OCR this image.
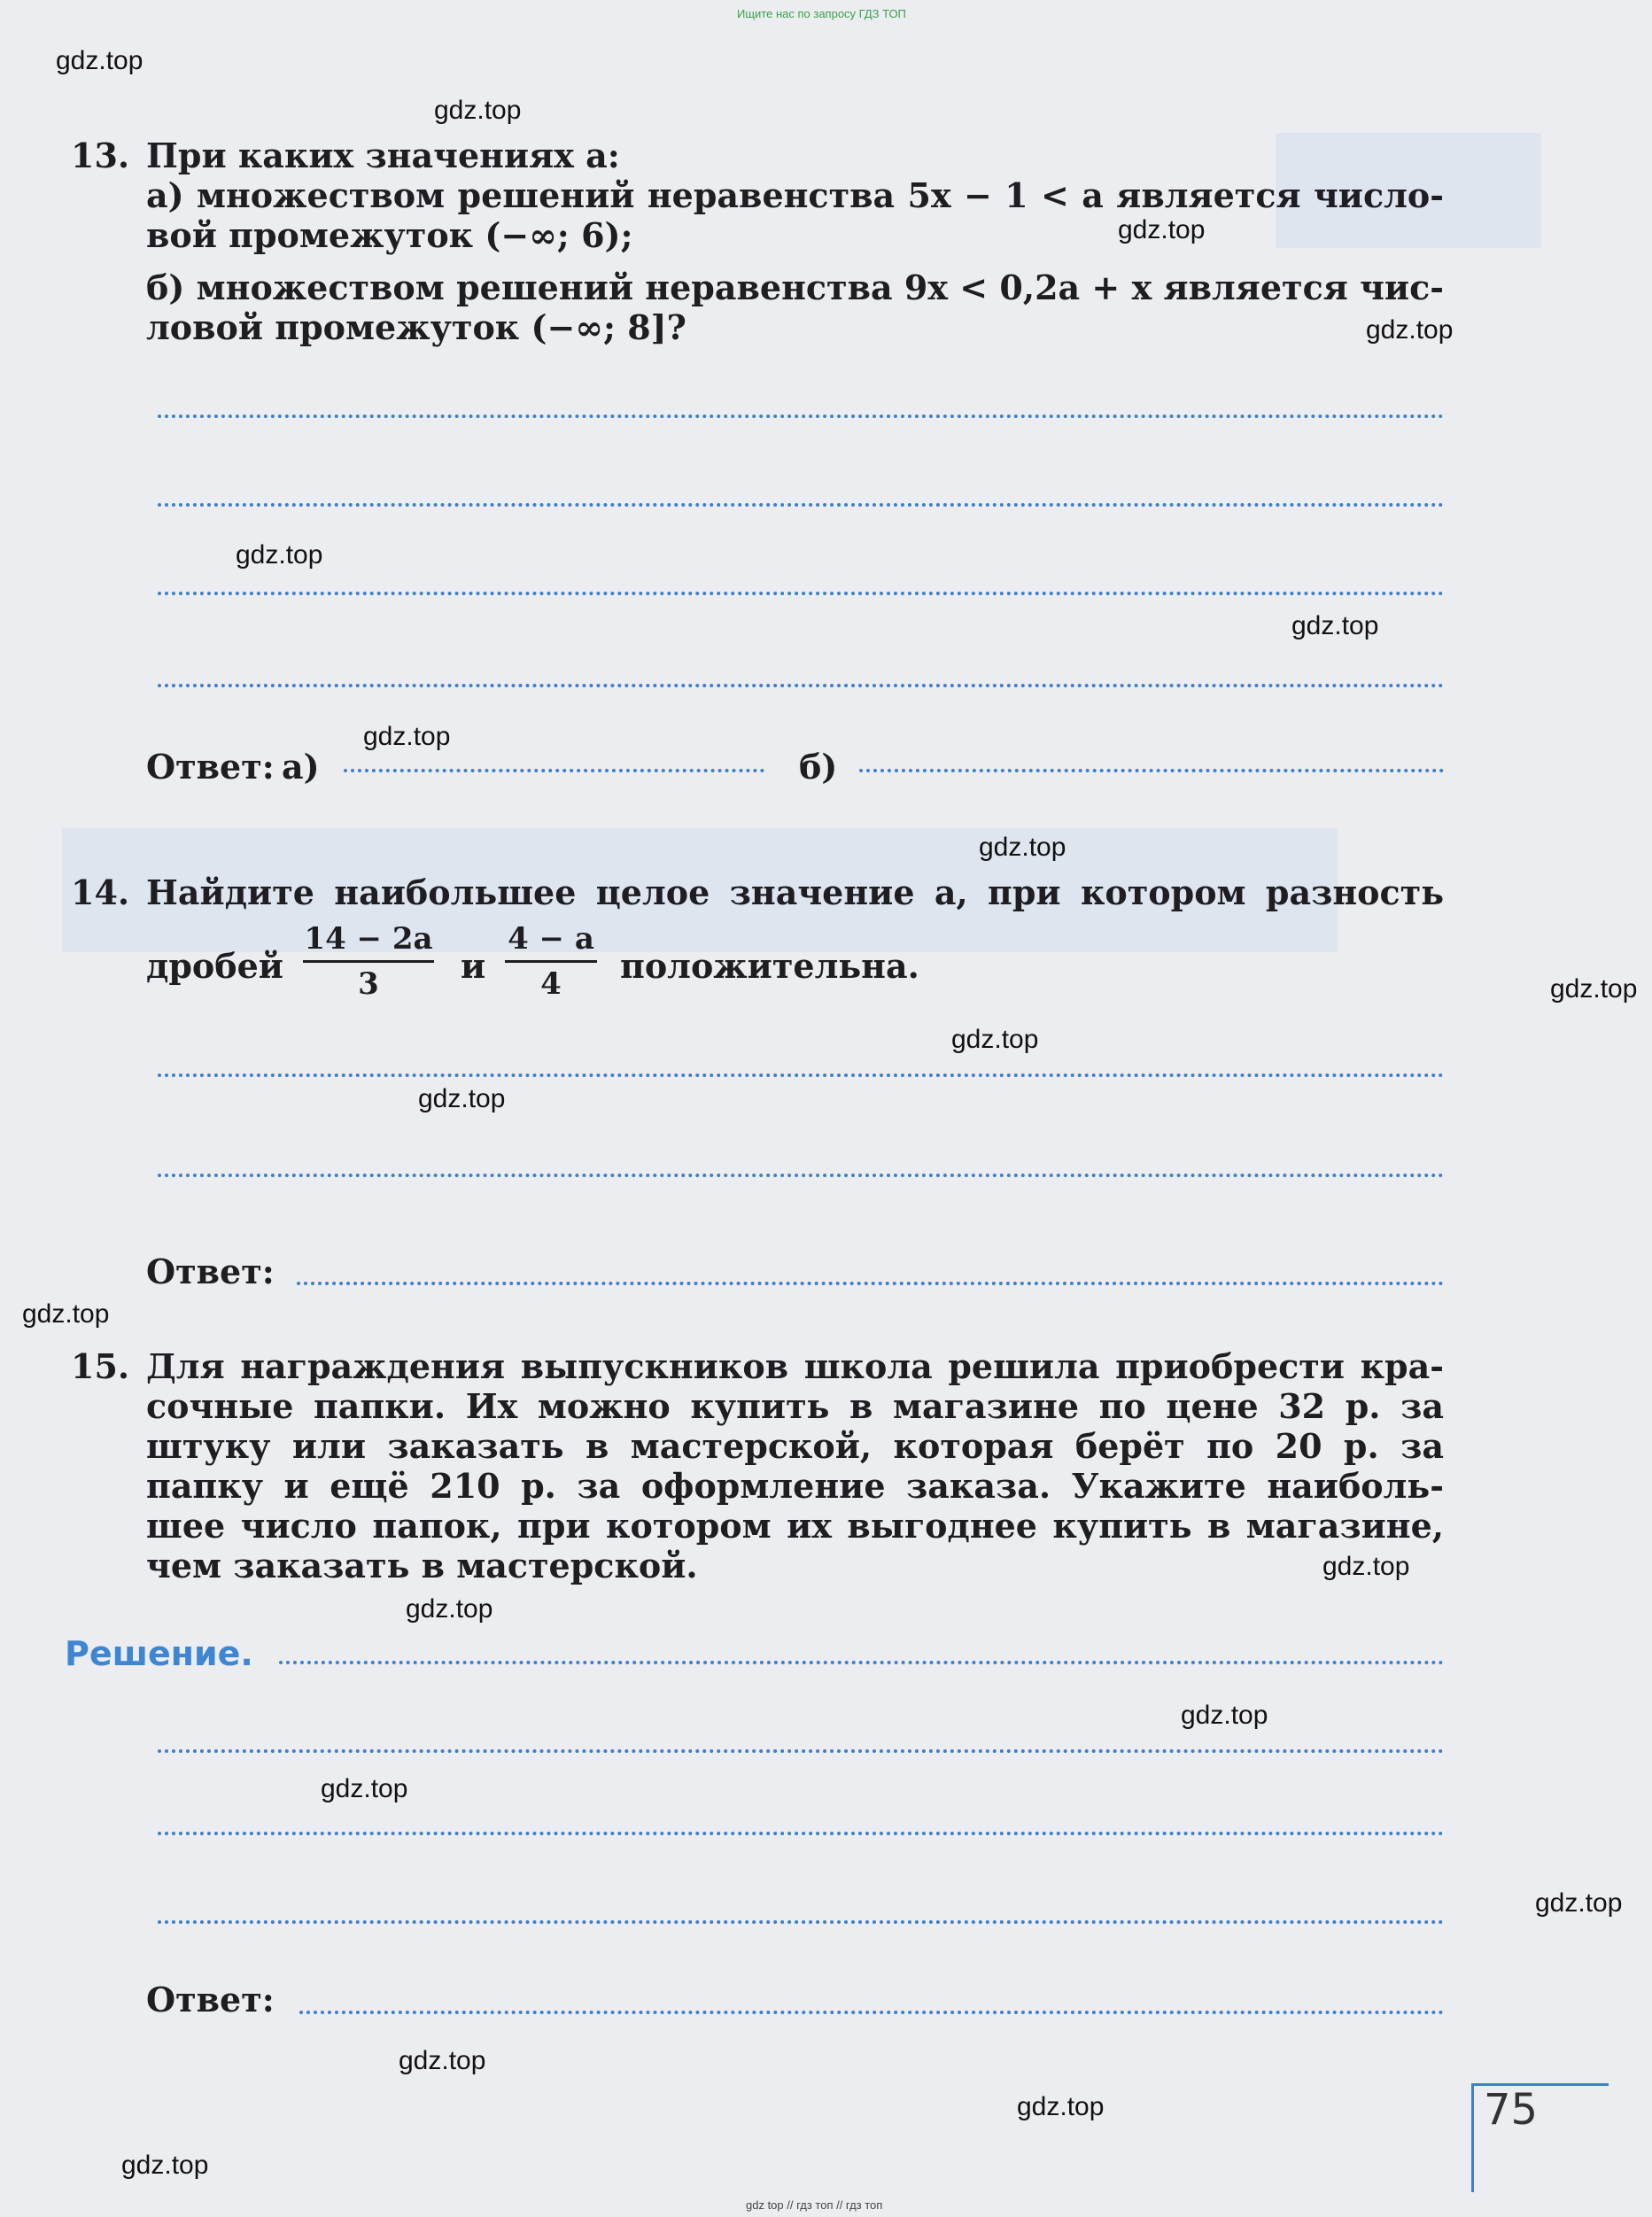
Ищите нас по запросу ГДЗ ТОП
gdz.top
gdz.top
gdz.top
gdz.top
gdz.top
gdz.top
gdz.top
gdz.top
gdz.top
gdz.top
gdz.top
gdz.top
gdz.top
gdz.top
gdz.top
gdz.top
gdz.top
gdz.top
gdz.top
gdz.top
13. При каких значениях a:
а) множеством решений неравенства 5x − 1 < a является число-
вой промежуток (−∞; 6);
б) множеством решений неравенства 9x < 0,2a + x является чис-
ловой промежуток (−∞; 8]?
Ответ: а)	б)
14. Найдите наибольшее целое значение a, при котором разность
дробей
14 − 2a
3	и
4 − a
4	положительна.
Ответ:
15. Для награждения выпускников школа решила приобрести кра-
сочные папки. Их можно купить в магазине по цене 32 р. за
штуку или заказать в мастерской, которая берёт по 20 р. за
папку и ещё 210 р. за оформление заказа. Укажите наиболь-
шее число папок, при котором их выгоднее купить в магазине,
чем заказать в мастерской.
Решение.
Ответ:
75
gdz top // гдз топ // гдз топ
